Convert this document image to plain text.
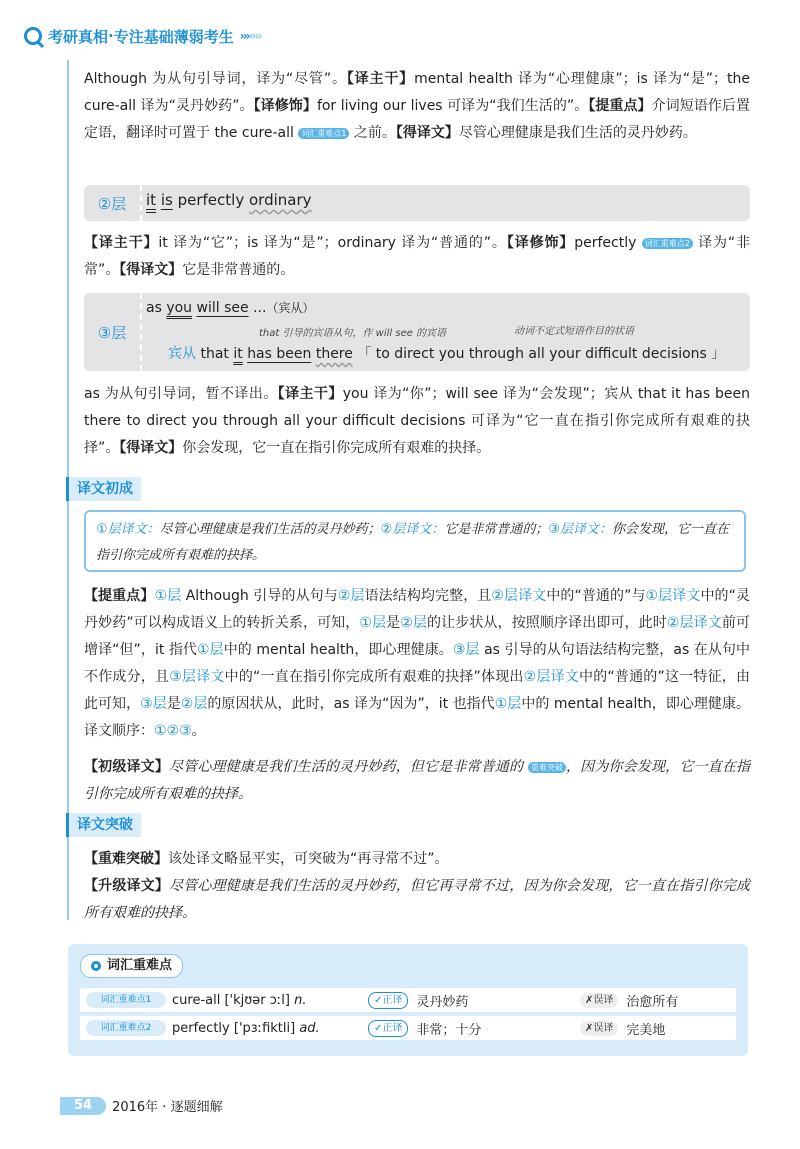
考研真相 · 专注基础薄弱考生 ›››››››
Although 为从句引导词，译为“尽管”。【译主干】mental health 译为“心理健康”；is 译为“是”；the cure-all 译为“灵丹妙药”。【译修饰】for living our lives 可译为“我们生活的”。【提重点】介词短语作后置定语，翻译时可置于 the cure-all 词汇重难点1 之前。【得译文】尽管心理健康是我们生活的灵丹妙药。
②层	it is perfectly ordinary
【译主干】it 译为“它”；is 译为“是”；ordinary 译为“普通的”。【译修饰】perfectly 词汇重难点2 译为“非常”。【得译文】它是非常普通的。
③层
as you will see ...（宾从）
that 引导的宾语从句，作 will see 的宾语	动词不定式短语作目的状语
宾从 that it has been there 「 to direct you through all your difficult decisions 」
as 为从句引导词，暂不译出。【译主干】you 译为“你”；will see 译为“会发现”；宾从 that it has been there to direct you through all your difficult decisions 可译为“它一直在指引你完成所有艰难的抉择”。【得译文】你会发现，它一直在指引你完成所有艰难的抉择。
译文初成
①层译文：尽管心理健康是我们生活的灵丹妙药；②层译文：它是非常普通的；③层译文：你会发现，它一直在指引你完成所有艰难的抉择。
【提重点】①层 Although 引导的从句与②层语法结构均完整，且②层译文中的“普通的”与①层译文中的“灵丹妙药”可以构成语义上的转折关系，可知，①层是②层的让步状从，按照顺序译出即可，此时②层译文前可增译“但”，it 指代①层中的 mental health，即心理健康。③层 as 引导的从句语法结构完整，as 在从句中不作成分，且③层译文中的“一直在指引你完成所有艰难的抉择”体现出②层译文中的“普通的”这一特征，由此可知，③层是②层的原因状从，此时，as 译为“因为”，it 也指代①层中的 mental health，即心理健康。译文顺序：①②③。
【初级译文】尽管心理健康是我们生活的灵丹妙药，但它是非常普通的 重难突破 ，因为你会发现，它一直在指引你完成所有艰难的抉择。
译文突破
【重难突破】该处译文略显平实，可突破为“再寻常不过”。
【升级译文】尽管心理健康是我们生活的灵丹妙药，但它再寻常不过，因为你会发现，它一直在指引你完成所有艰难的抉择。
词汇重难点
词汇重难点1	cure-all ['kjʊər ɔːl] n.	✓正译	灵丹妙药	✗误译	治愈所有
词汇重难点2	perfectly ['pɜːfiktli] ad.	✓正译	非常；十分	✗误译	完美地
54	2016年 · 逐题细解
